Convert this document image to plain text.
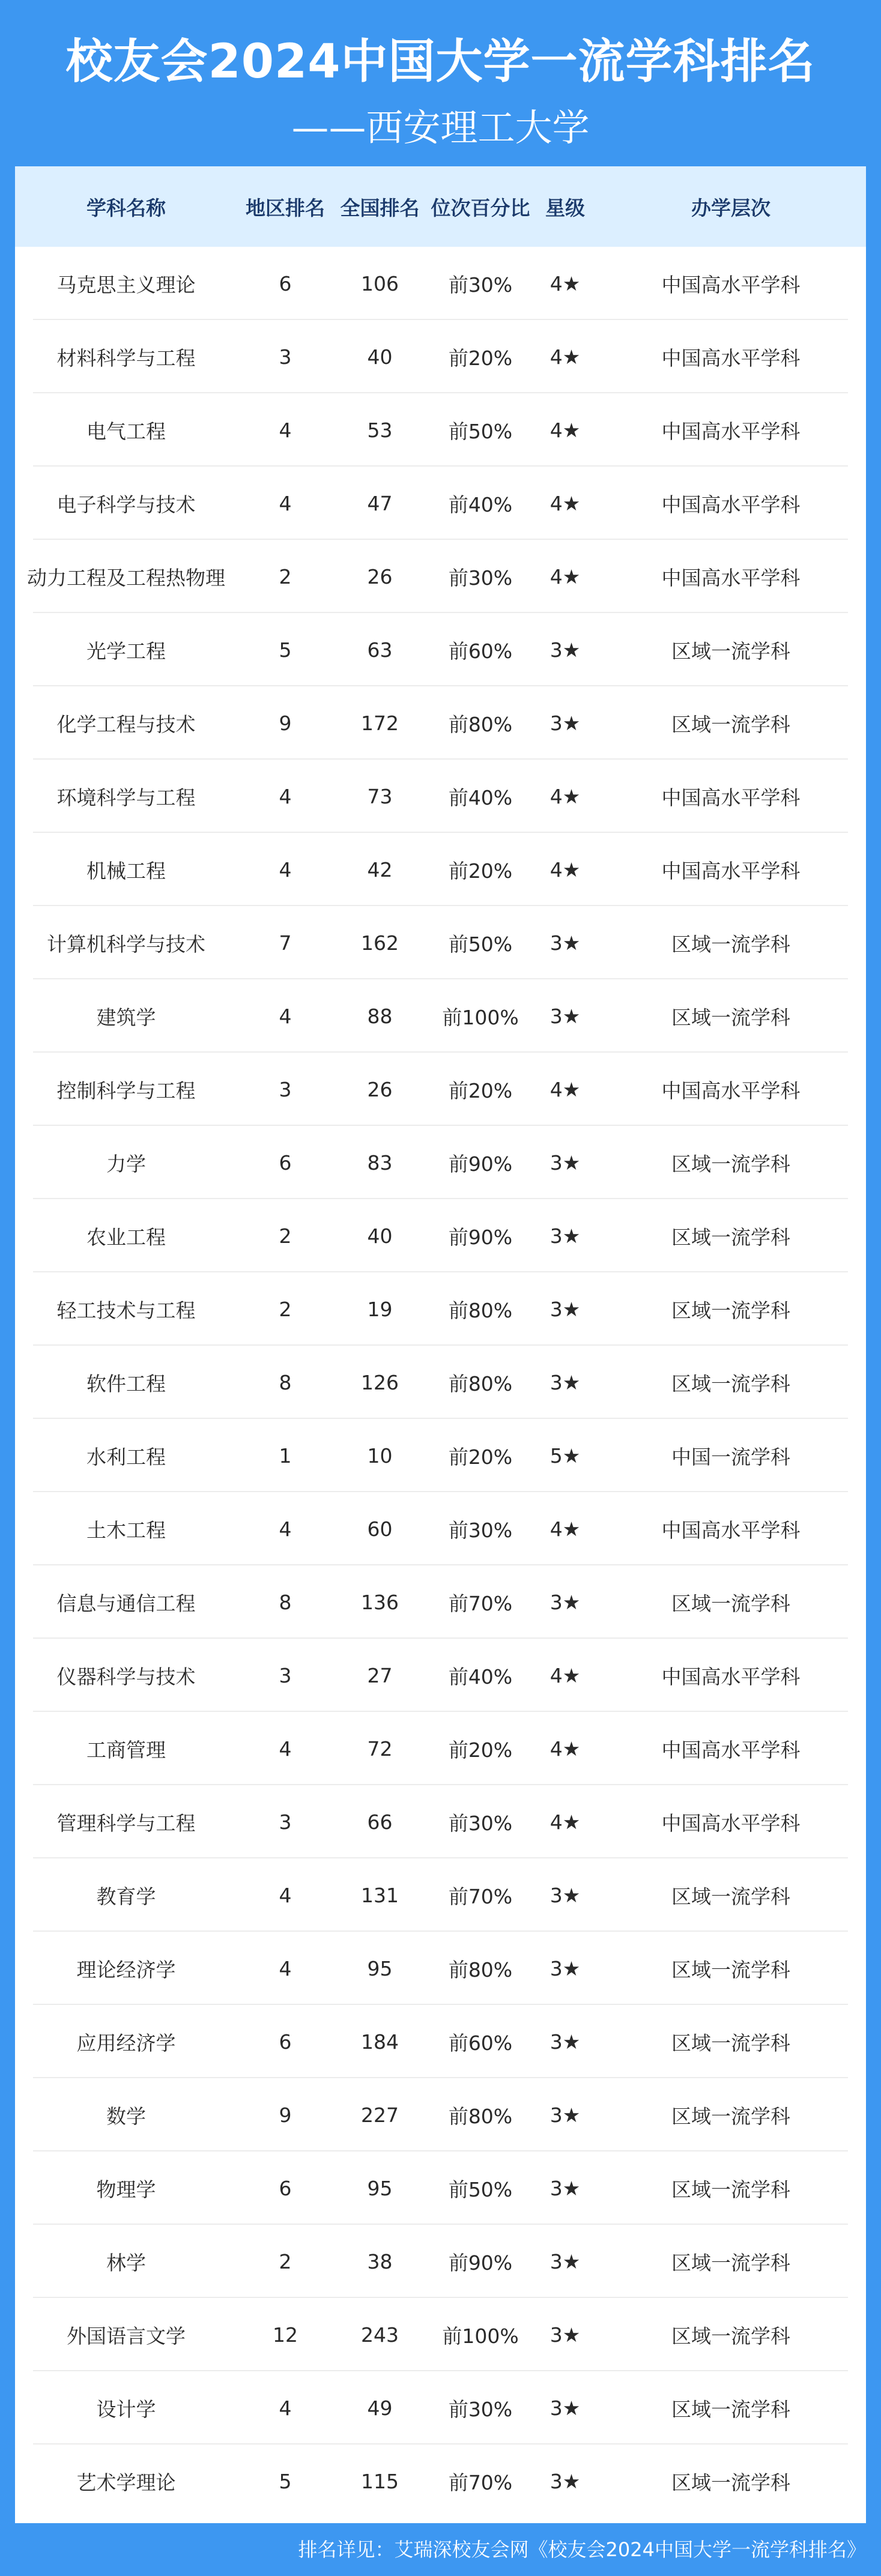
校友会2024中国大学一流学科排名
——西安理工大学
学科名称	地区排名 全国排名 位次百分比 星级	办学层次
马克思主义理论	6	106	前30%	4★	中国高水平学科
材料科学与工程	3	40	前20%	4★	中国高水平学科
电气工程	4	53	前50%	4★	中国高水平学科
电子科学与技术	4	47	前40%	4★	中国高水平学科
动力工程及工程热物理	2	26	前30%	4★	中国高水平学科
光学工程	5	63	前60%	3★	区域一流学科
化学工程与技术	9	172	前80%	3★	区域一流学科
环境科学与工程	4	73	前40%	4★	中国高水平学科
机械工程	4	42	前20%	4★	中国高水平学科
计算机科学与技术	7	162	前50%	3★	区域一流学科
建筑学	4	88	前100%	3★	区域一流学科
控制科学与工程	3	26	前20%	4★	中国高水平学科
力学	6	83	前90%	3★	区域一流学科
农业工程	2	40	前90%	3★	区域一流学科
轻工技术与工程	2	19	前80%	3★	区域一流学科
软件工程	8	126	前80%	3★	区域一流学科
水利工程	1	10	前20%	5★	中国一流学科
土木工程	4	60	前30%	4★	中国高水平学科
信息与通信工程	8	136	前70%	3★	区域一流学科
仪器科学与技术	3	27	前40%	4★	中国高水平学科
工商管理	4	72	前20%	4★	中国高水平学科
管理科学与工程	3	66	前30%	4★	中国高水平学科
教育学	4	131	前70%	3★	区域一流学科
理论经济学	4	95	前80%	3★	区域一流学科
应用经济学	6	184	前60%	3★	区域一流学科
数学	9	227	前80%	3★	区域一流学科
物理学	6	95	前50%	3★	区域一流学科
林学	2	38	前90%	3★	区域一流学科
外国语言文学	12	243	前100%	3★	区域一流学科
设计学	4	49	前30%	3★	区域一流学科
艺术学理论	5	115	前70%	3★	区域一流学科
排名详见：艾瑞深校友会网《校友会2024中国大学一流学科排名》
